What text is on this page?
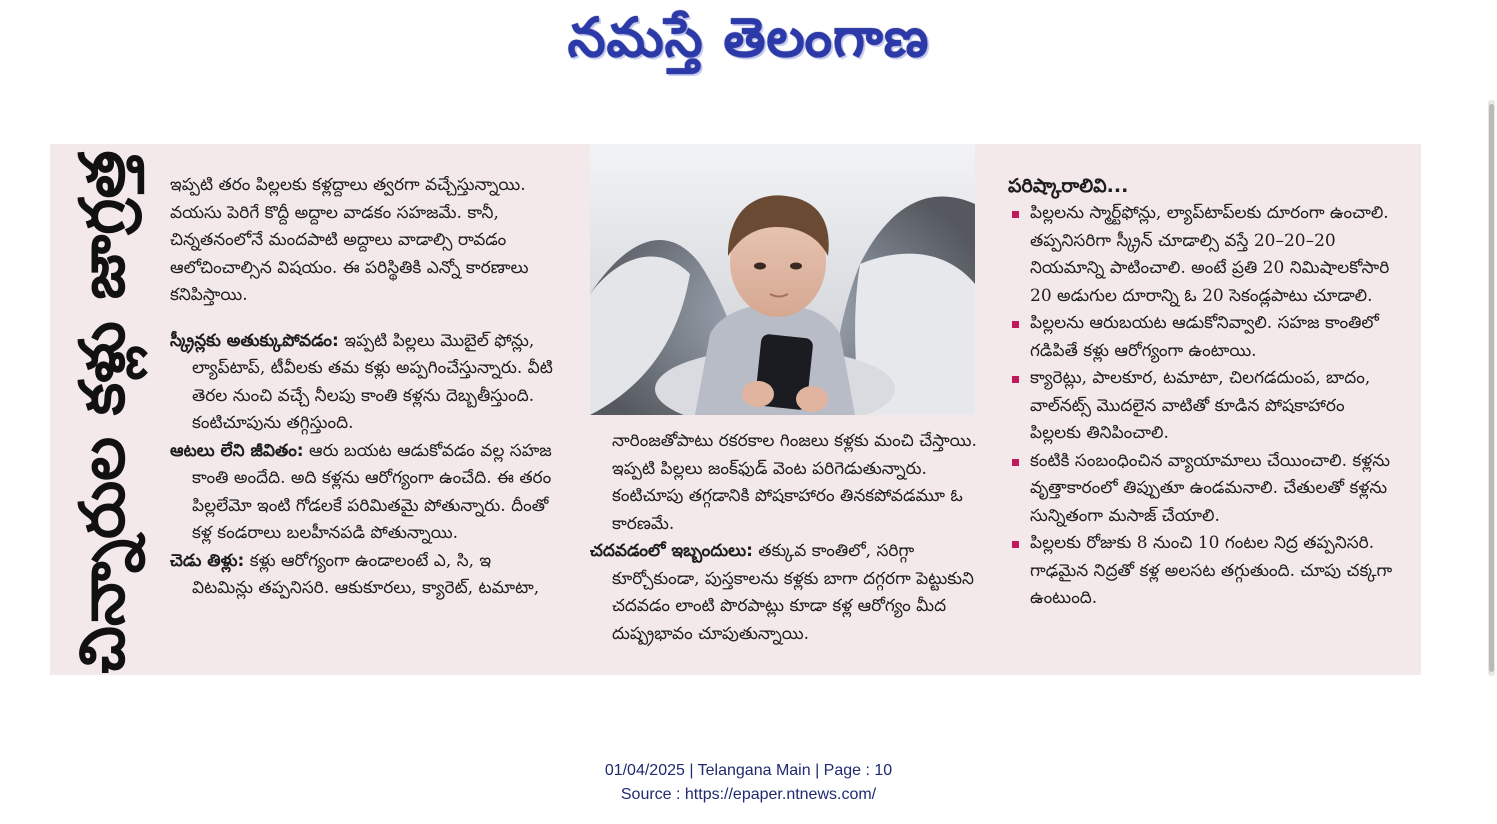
నమస్తే తెలంగాణ
చిన్నారుల కళ్లు జాగ్రత్త	ఇప్పటి తరం పిల్లలకు కళ్లద్దాలు త్వరగా వచ్చేస్తున్నాయి. వయసు పెరిగే కొద్దీ అద్దాల వాడకం సహజమే. కానీ, చిన్నతనంలోనే మందపాటి అద్దాలు వాడాల్సి రావడం ఆలోచించాల్సిన విషయం. ఈ పరిస్థితికి ఎన్నో కారణాలు కనిపిస్తాయి.

స్క్రీన్లకు అతుక్కుపోవడం: ఇప్పటి పిల్లలు మొబైల్ ఫోన్లు, ల్యాప్‌టాప్, టీవీలకు తమ కళ్లు అప్పగించేస్తున్నారు. వీటి తెరల నుంచి వచ్చే నీలపు కాంతి కళ్లను దెబ్బతీస్తుంది. కంటిచూపును తగ్గిస్తుంది.

ఆటలు లేని జీవితం: ఆరు బయట ఆడుకోవడం వల్ల సహజ కాంతి అందేది. అది కళ్లను ఆరోగ్యంగా ఉంచేది. ఈ తరం పిల్లలేమో ఇంటి గోడలకే పరిమితమై పోతున్నారు. దీంతో కళ్ల కండరాలు బలహీనపడి పోతున్నాయి.

చెడు తిళ్లు: కళ్లు ఆరోగ్యంగా ఉండాలంటే ఎ, సి, ఇ విటమిన్లు తప్పనిసరి. ఆకుకూరలు, క్యారెట్, టమాటా,

నారింజతోపాటు రకరకాల గింజలు కళ్లకు మంచి చేస్తాయి. ఇప్పటి పిల్లలు జంక్‌ఫుడ్ వెంట పరిగెడుతున్నారు. కంటిచూపు తగ్గడానికి పోషకాహారం తినకపోవడమూ ఓ కారణమే.

చదవడంలో ఇబ్బందులు: తక్కువ కాంతిలో, సరిగ్గా కూర్చోకుండా, పుస్తకాలను కళ్లకు బాగా దగ్గరగా పెట్టుకుని చదవడం లాంటి పొరపాట్లు కూడా కళ్ల ఆరోగ్యం మీద దుష్ప్రభావం చూపుతున్నాయి.

పరిష్కారాలివి...

పిల్లలను స్మార్ట్‌ఫోన్లు, ల్యాప్‌టాప్‌లకు దూరంగా ఉంచాలి. తప్పనిసరిగా స్క్రీన్ చూడాల్సి వస్తే 20–20–20 నియమాన్ని పాటించాలి. అంటే ప్రతి 20 నిమిషాలకోసారి 20 అడుగుల దూరాన్ని ఓ 20 సెకండ్లపాటు చూడాలి.

పిల్లలను ఆరుబయట ఆడుకోనివ్వాలి. సహజ కాంతిలో గడిపితే కళ్లు ఆరోగ్యంగా ఉంటాయి.

క్యారెట్లు, పాలకూర, టమాటా, చిలగడదుంప, బాదం, వాల్‌నట్స్ మొదలైన వాటితో కూడిన పోషకాహారం పిల్లలకు తినిపించాలి.

కంటికి సంబంధించిన వ్యాయామాలు చేయించాలి. కళ్లను వృత్తాకారంలో తిప్పుతూ ఉండమనాలి. చేతులతో కళ్లను సున్నితంగా మసాజ్ చేయాలి.

పిల్లలకు రోజుకు 8 నుంచి 10 గంటల నిద్ర తప్పనిసరి. గాఢమైన నిద్రతో కళ్ల అలసట తగ్గుతుంది. చూపు చక్కగా ఉంటుంది.

01/04/2025 | Telangana Main | Page : 10
Source : https://epaper.ntnews.com/
